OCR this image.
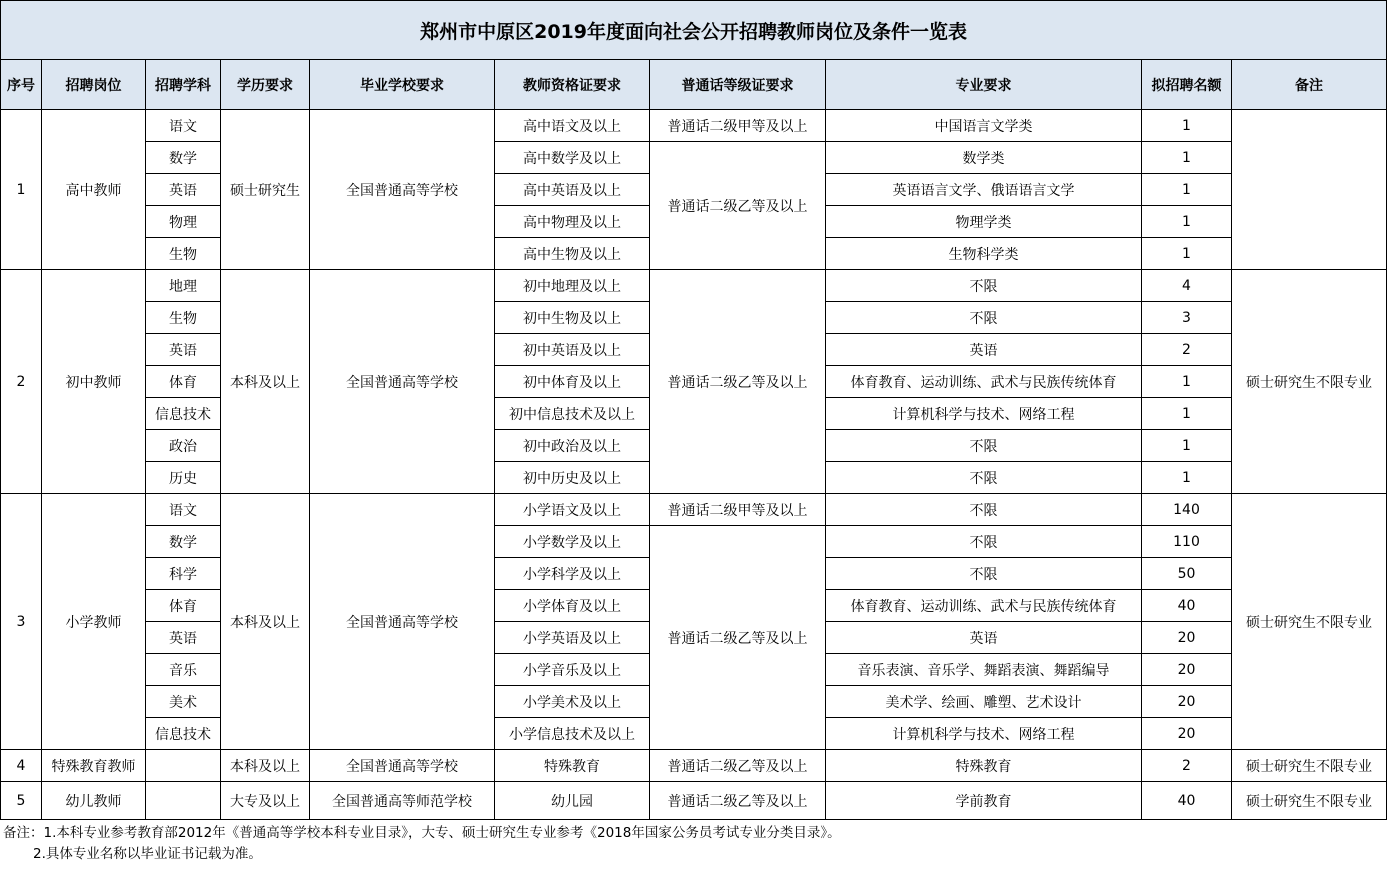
郑州市中原区2019年度面向社会公开招聘教师岗位及条件一览表									
序号	招聘岗位	招聘学科	学历要求	毕业学校要求	教师资格证要求	普通话等级证要求	专业要求	拟招聘名额	备注
1	高中教师	语文	硕士研究生	全国普通高等学校	高中语文及以上	普通话二级甲等及以上	中国语言文学类	1	
		数学			高中数学及以上	普通话二级乙等及以上	数学类	1	
		英语			高中英语及以上		英语语言文学、俄语语言文学	1	
		物理			高中物理及以上		物理学类	1	
		生物			高中生物及以上		生物科学类	1	
2	初中教师	地理	本科及以上	全国普通高等学校	初中地理及以上	普通话二级乙等及以上	不限	4	硕士研究生不限专业
		生物			初中生物及以上		不限	3	
		英语			初中英语及以上		英语	2	
		体育			初中体育及以上		体育教育、运动训练、武术与民族传统体育	1	
		信息技术			初中信息技术及以上		计算机科学与技术、网络工程	1	
		政治			初中政治及以上		不限	1	
		历史			初中历史及以上		不限	1	
3	小学教师	语文	本科及以上	全国普通高等学校	小学语文及以上	普通话二级甲等及以上	不限	140	硕士研究生不限专业
		数学			小学数学及以上	普通话二级乙等及以上	不限	110	
		科学			小学科学及以上		不限	50	
		体育			小学体育及以上		体育教育、运动训练、武术与民族传统体育	40	
		英语			小学英语及以上		英语	20	
		音乐			小学音乐及以上		音乐表演、音乐学、舞蹈表演、舞蹈编导	20	
		美术			小学美术及以上		美术学、绘画、雕塑、艺术设计	20	
		信息技术			小学信息技术及以上		计算机科学与技术、网络工程	20	
4	特殊教育教师		本科及以上	全国普通高等学校	特殊教育	普通话二级乙等及以上	特殊教育	2	硕士研究生不限专业
5	幼儿教师		大专及以上	全国普通高等师范学校	幼儿园	普通话二级乙等及以上	学前教育	40	硕士研究生不限专业
备注：1.本科专业参考教育部2012年《普通高等学校本科专业目录》，大专、硕士研究生专业参考《2018年国家公务员考试专业分类目录》。
2.具体专业名称以毕业证书记载为准。
